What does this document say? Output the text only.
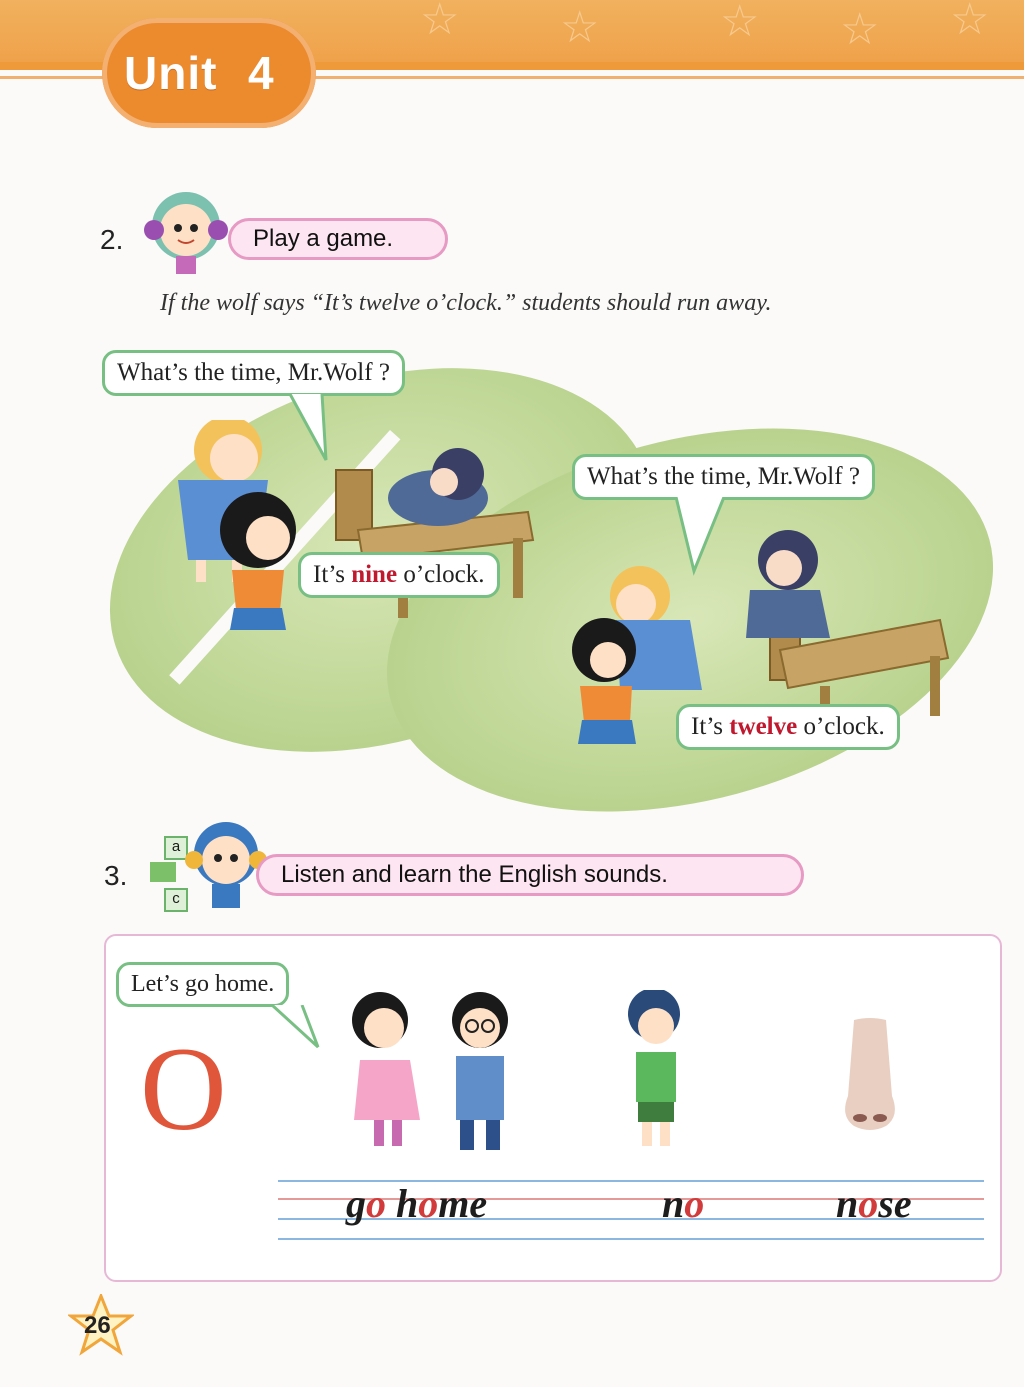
☆ ☆	☆ ☆ ☆
Unit 4
2.	Play a game.
If the wolf says “It’s twelve o’clock.” students should run away.
What’s the time, Mr.Wolf ?
It’s nine o’clock.
What’s the time, Mr.Wolf ?
It’s twelve o’clock.
3.
a
c
Listen and learn the English sounds.
Let’s go home.
O
go home	no	nose
26
